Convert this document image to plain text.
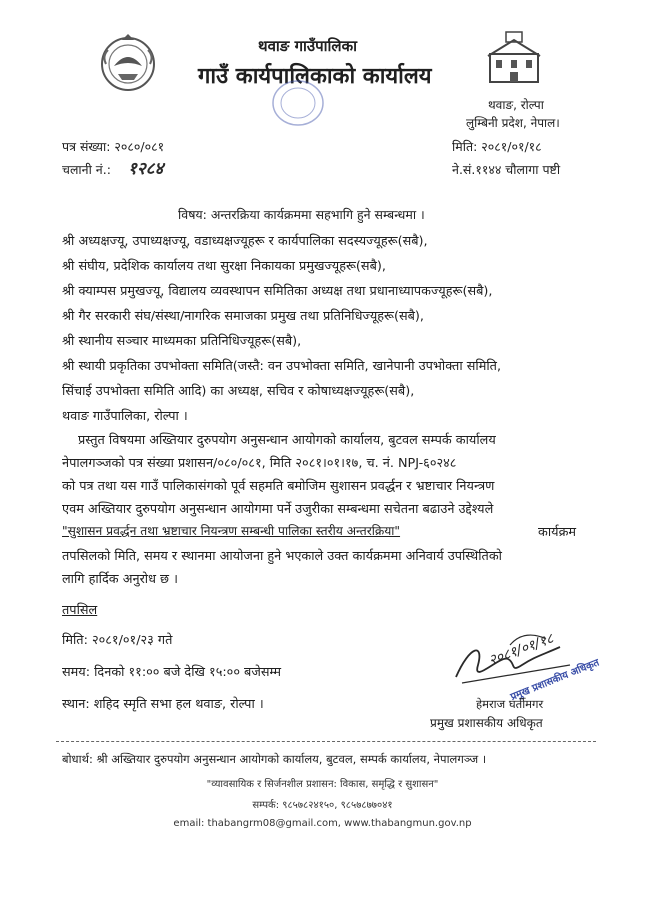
थवाङ गाउँपालिका
गाउँ कार्यपालिकाको कार्यालय
थवाङ, रोल्पा
लुम्बिनी प्रदेश, नेपाल।
पत्र संख्या: २०८०/०८१
चलानी नं.: १२८४
मिति: २०८१/०१/१८
ने.सं.११४४ चौलागा पष्टी
विषय: अन्तरक्रिया कार्यक्रममा सहभागि हुने सम्बन्धमा ।
श्री अध्यक्षज्यू, उपाध्यक्षज्यू, वडाध्यक्षज्यूहरू र कार्यपालिका सदस्यज्यूहरू(सबै),
श्री संघीय, प्रदेशिक कार्यालय तथा सुरक्षा निकायका प्रमुखज्यूहरू(सबै),
श्री क्याम्पस प्रमुखज्यू, विद्यालय व्यवस्थापन समितिका अध्यक्ष तथा प्रधानाध्यापकज्यूहरू(सबै),
श्री गैर सरकारी संघ/संस्था/नागरिक समाजका प्रमुख तथा प्रतिनिधिज्यूहरू(सबै),
श्री स्थानीय सञ्चार माध्यमका प्रतिनिधिज्यूहरू(सबै),
श्री स्थायी प्रकृतिका उपभोक्ता समिति(जस्तै: वन उपभोक्ता समिति, खानेपानी उपभोक्ता समिति,
सिंचाई उपभोक्ता समिति आदि) का अध्यक्ष, सचिव र कोषाध्यक्षज्यूहरू(सबै),
थवाङ गाउँपालिका, रोल्पा ।
प्रस्तुत विषयमा अख्तियार दुरुपयोग अनुसन्धान आयोगको कार्यालय, बुटवल सम्पर्क कार्यालय
नेपालगञ्जको पत्र संख्या प्रशासन/०८०/०८१, मिति २०८१।०१।१७, च. नं. NPJ-६०२४८
को पत्र तथा यस गाउँ पालिकासंगको पूर्व सहमति बमोजिम सुशासन प्रवर्द्धन र भ्रष्टाचार नियन्त्रण
एवम अख्तियार दुरुपयोग अनुसन्धान आयोगमा पर्ने उजुरीका सम्बन्धमा सचेतना बढाउने उद्देश्यले
"सुशासन प्रवर्द्धन तथा भ्रष्टाचार नियन्त्रण सम्बन्धी पालिका स्तरीय अन्तरक्रिया"	कार्यक्रम
तपसिलको मिति, समय र स्थानमा आयोजना हुने भएकाले उक्त कार्यक्रममा अनिवार्य उपस्थितिको
लागि हार्दिक अनुरोध छ ।
तपसिल
मिति: २०८१/०१/२३ गते
समय: दिनको ११:०० बजे देखि १५:०० बजेसम्म
स्थान: शहिद स्मृति सभा हल थवाङ, रोल्पा ।
२०८१/०१/१८
प्रमुख प्रशासकीय अधिकृत
हेमराज घर्तीमगर
प्रमुख प्रशासकीय अधिकृत
बोधार्थ: श्री अख्तियार दुरुपयोग अनुसन्धान आयोगको कार्यालय, बुटवल, सम्पर्क कार्यालय, नेपालगञ्ज ।
"व्यावसायिक र सिर्जनशील प्रशासन: विकास, समृद्धि र सुशासन"
सम्पर्क: ९८५७८२४१५०, ९८५७८७७०४१
email: thabangrm08@gmail.com, www.thabangmun.gov.np
